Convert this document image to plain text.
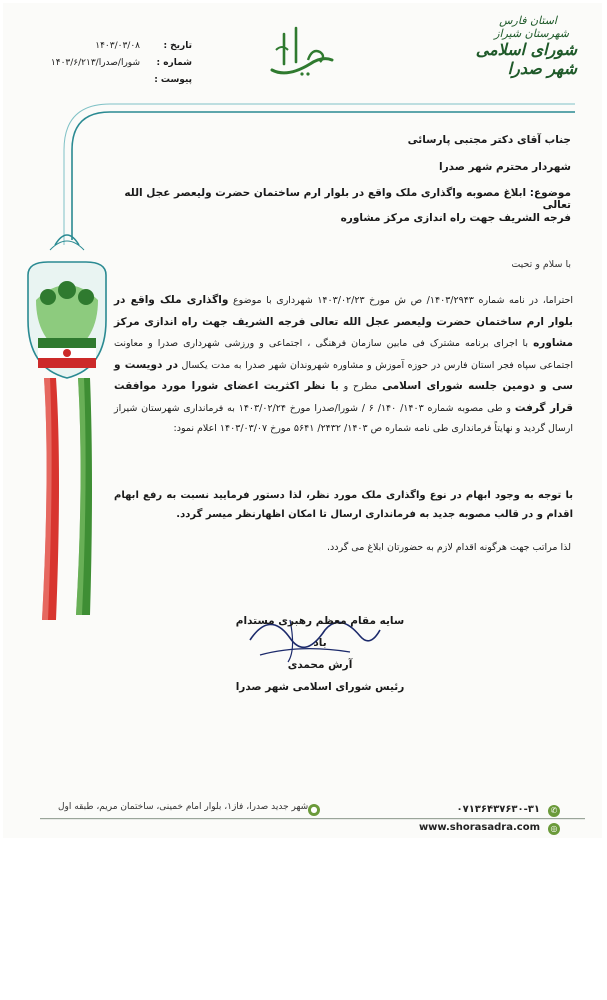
تاریخ :
۱۴۰۳/۰۳/۰۸
شماره :
۱۴۰۳/۶/۲۱۳/شورا/صدرا
پیوست :
استان فارس
شهرستان شیراز
شورای اسلامی شهر صدرا
جناب آقای دکتر مجتبی پارسائی
شهردار محترم شهر صدرا
موضوع: ابلاغ مصوبه واگذاری ملک واقع در بلوار ارم ساختمان حضرت ولیعصر عجل الله تعالی
فرجه الشریف جهت راه اندازی مرکز مشاوره
با سلام و تحیت
احتراما، در نامه شماره ۱۴۰۳/۲۹۴۳/ ص ش مورخ ۱۴۰۳/۰۲/۲۳ شهرداری با موضوع واگذاری ملک واقع در بلوار ارم ساختمان حضرت ولیعصر عجل الله تعالی فرجه الشریف جهت راه اندازی مرکز مشاوره با اجرای برنامه مشترک فی مابین سازمان فرهنگی ، اجتماعی و ورزشی شهرداری صدرا و معاونت اجتماعی سپاه فجر استان فارس در حوزه آموزش و مشاوره شهروندان شهر صدرا به مدت یکسال در دویست و سی و دومین جلسه شورای اسلامی مطرح و با نظر اکثریت اعضای شورا مورد موافقت قرار گرفت و طی مصوبه شماره ۱۴۰۳/ ۱۴۰/ ۶ / شورا/صدرا مورخ ۱۴۰۳/۰۲/۲۴ به فرمانداری شهرستان شیراز ارسال گردید و نهایتاً فرمانداری طی نامه شماره ص ۱۴۰۳/ ۲۴۳۲/ ۵۶۴۱ مورخ ۱۴۰۳/۰۳/۰۷ اعلام نمود:
با توجه به وجود ابهام در نوع واگذاری ملک مورد نظر، لذا دستور فرمایید نسبت به رفع ابهام اقدام و در قالب مصوبه جدید به فرمانداری ارسال تا امکان اظهارنظر میسر گردد.
لذا مراتب جهت هرگونه اقدام لازم به حضورتان ابلاغ می گردد.
سایه مقام معظم رهبری مستدام باد
آرش محمدی
رئیس شورای اسلامی شهر صدرا
●
شهر جدید صدرا، فاز۱، بلوار امام خمینی، ساختمان مریم، طبقه اول	✆
۰۷۱۳۶۴۳۷۶۳۰-۳۱
◎
www.shorasadra.com
